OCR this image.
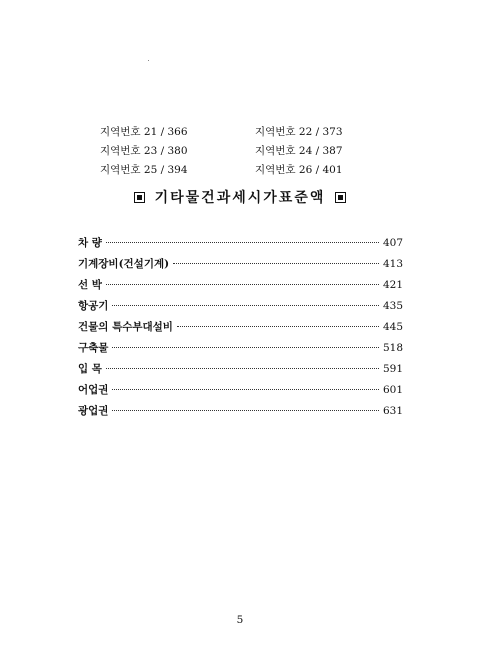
지역번호 21 / 366	지역번호 22 / 373
지역번호 23 / 380	지역번호 24 / 387
지역번호 25 / 394	지역번호 26 / 401
기타물건과세시가표준액
차 량	407
기계장비(건설기계)	413
선 박	421
항공기	435
건물의 특수부대설비	445
구축물	518
입 목	591
어업권	601
광업권	631
5
